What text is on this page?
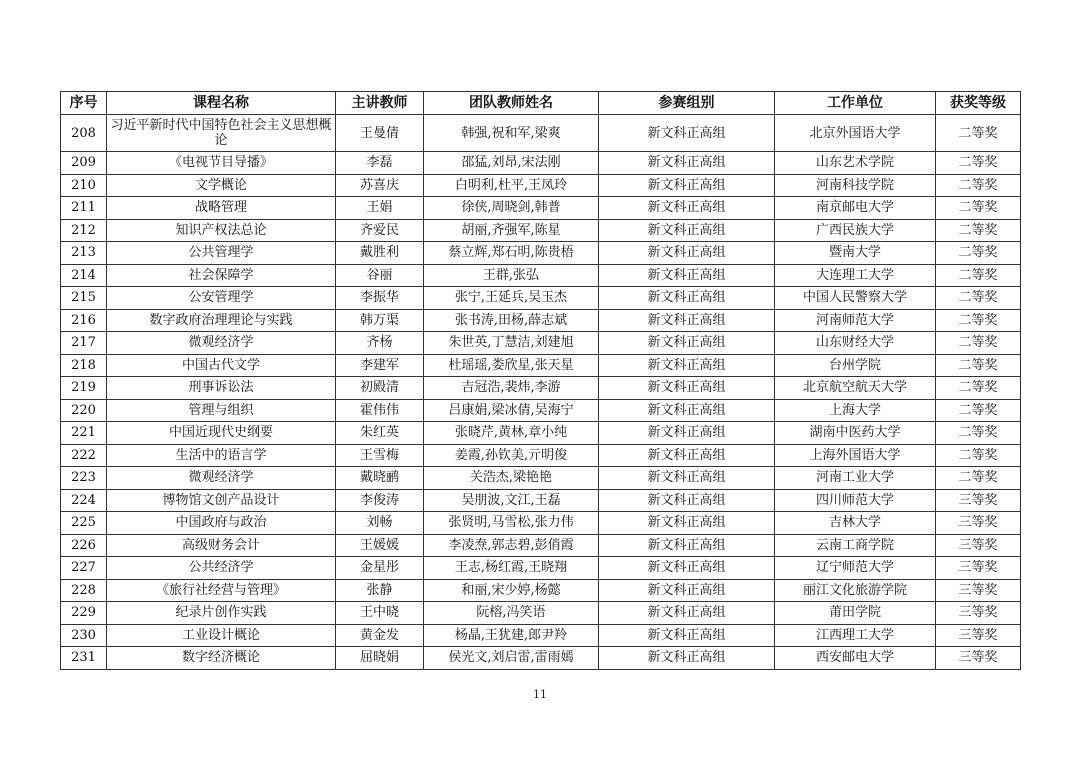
序号	课程名称	主讲教师	团队教师姓名	参赛组别	工作单位	获奖等级
208	习近平新时代中国特色社会主义思想概论	王曼倩	韩强,祝和军,梁爽	新文科正高组	北京外国语大学	二等奖
209	《电视节目导播》	李磊	邵猛,刘昂,宋法刚	新文科正高组	山东艺术学院	二等奖
210	文学概论	苏喜庆	白明利,杜平,王凤玲	新文科正高组	河南科技学院	二等奖
211	战略管理	王娟	徐侠,周晓剑,韩普	新文科正高组	南京邮电大学	二等奖
212	知识产权法总论	齐爱民	胡丽,齐强军,陈星	新文科正高组	广西民族大学	二等奖
213	公共管理学	戴胜利	蔡立辉,郑石明,陈贵梧	新文科正高组	暨南大学	二等奖
214	社会保障学	谷丽	王群,张弘	新文科正高组	大连理工大学	二等奖
215	公安管理学	李振华	张宁,王延兵,吴玉杰	新文科正高组	中国人民警察大学	二等奖
216	数字政府治理理论与实践	韩万渠	张书涛,田杨,薛志斌	新文科正高组	河南师范大学	二等奖
217	微观经济学	齐杨	朱世英,丁慧洁,刘建旭	新文科正高组	山东财经大学	二等奖
218	中国古代文学	李建军	杜瑶瑶,娄欣星,张天星	新文科正高组	台州学院	二等奖
219	刑事诉讼法	初殿清	吉冠浩,裴炜,李游	新文科正高组	北京航空航天大学	二等奖
220	管理与组织	霍伟伟	吕康娟,梁冰倩,吴海宁	新文科正高组	上海大学	二等奖
221	中国近现代史纲要	朱红英	张晓芹,黄林,章小纯	新文科正高组	湖南中医药大学	二等奖
222	生活中的语言学	王雪梅	姜霞,孙钦美,亓明俊	新文科正高组	上海外国语大学	二等奖
223	微观经济学	戴晓鹂	关浩杰,梁艳艳	新文科正高组	河南工业大学	二等奖
224	博物馆文创产品设计	李俊涛	吴朋波,文江,王磊	新文科正高组	四川师范大学	三等奖
225	中国政府与政治	刘畅	张贤明,马雪松,张力伟	新文科正高组	吉林大学	三等奖
226	高级财务会计	王媛媛	李凌焘,郭志碧,彭俏霞	新文科正高组	云南工商学院	三等奖
227	公共经济学	金星彤	王志,杨红霞,王晓翔	新文科正高组	辽宁师范大学	三等奖
228	《旅行社经营与管理》	张静	和丽,宋少婷,杨懿	新文科正高组	丽江文化旅游学院	三等奖
229	纪录片创作实践	王中晓	阮榕,冯笑语	新文科正高组	莆田学院	三等奖
230	工业设计概论	黄金发	杨晶,王犹建,郎尹羚	新文科正高组	江西理工大学	三等奖
231	数字经济概论	屈晓娟	侯光文,刘启雷,雷雨嫣	新文科正高组	西安邮电大学	三等奖
11
